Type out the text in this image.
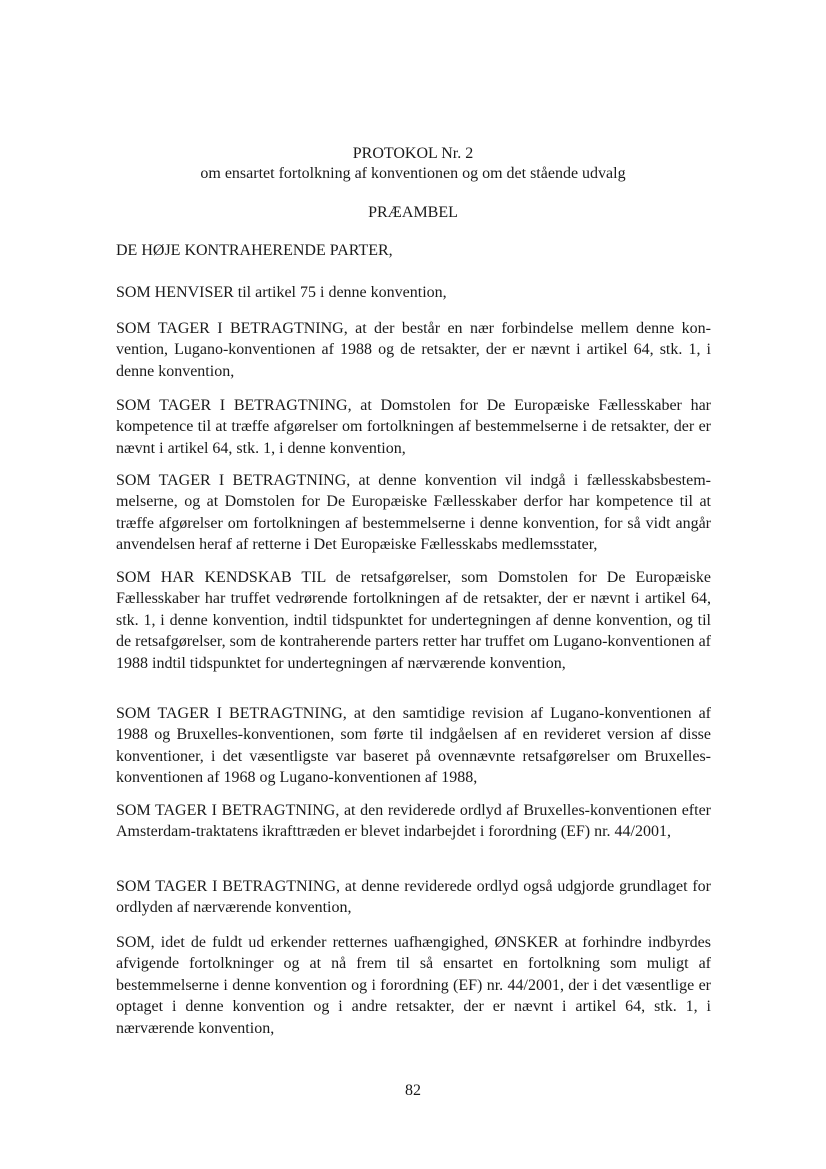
PROTOKOL Nr. 2

om ensartet fortolkning af konventionen og om det stående udvalg

PRÆAMBEL

DE HØJE KONTRAHERENDE PARTER,

SOM HENVISER til artikel 75 i denne konvention,

SOM TAGER I BETRAGTNING, at der består en nær forbindelse mellem denne konvention, Lugano-konventionen af 1988 og de retsakter, der er nævnt i artikel 64, stk. 1, i denne konvention,

SOM TAGER I BETRAGTNING, at Domstolen for De Europæiske Fællesskaber har kompetence til at træffe afgørelser om fortolkningen af bestemmelserne i de retsakter, der er nævnt i artikel 64, stk. 1, i denne konvention,

SOM TAGER I BETRAGTNING, at denne konvention vil indgå i fællesskabsbestemmelserne, og at Domstolen for De Europæiske Fællesskaber derfor har kompetence til at træffe afgørelser om fortolkningen af bestemmelserne i denne konvention, for så vidt angår anvendelsen heraf af retterne i Det Europæiske Fællesskabs medlemsstater,

SOM HAR KENDSKAB TIL de retsafgørelser, som Domstolen for De Europæiske Fællesskaber har truffet vedrørende fortolkningen af de retsakter, der er nævnt i artikel 64, stk. 1, i denne konvention, indtil tidspunktet for undertegningen af denne konvention, og til de retsafgørelser, som de kontraherende parters retter har truffet om Lugano-konventionen af 1988 indtil tidspunktet for undertegningen af nærværende konvention,

SOM TAGER I BETRAGTNING, at den samtidige revision af Lugano-konventionen af 1988 og Bruxelles-konventionen, som førte til indgåelsen af en revideret version af disse konventioner, i det væsentligste var baseret på ovennævnte retsafgørelser om Bruxelles-konventionen af 1968 og Lugano-konventionen af 1988,

SOM TAGER I BETRAGTNING, at den reviderede ordlyd af Bruxelles-konventionen efter Amsterdam-traktatens ikrafttræden er blevet indarbejdet i forordning (EF) nr. 44/2001,

SOM TAGER I BETRAGTNING, at denne reviderede ordlyd også udgjorde grundlaget for ordlyden af nærværende konvention,

SOM, idet de fuldt ud erkender retternes uafhængighed, ØNSKER at forhindre indbyrdes afvigende fortolkninger og at nå frem til så ensartet en fortolkning som muligt af bestemmelserne i denne konvention og i forordning (EF) nr. 44/2001, der i det væsentlige er optaget i denne konvention og i andre retsakter, der er nævnt i artikel 64, stk. 1, i nærværende konvention,

82
